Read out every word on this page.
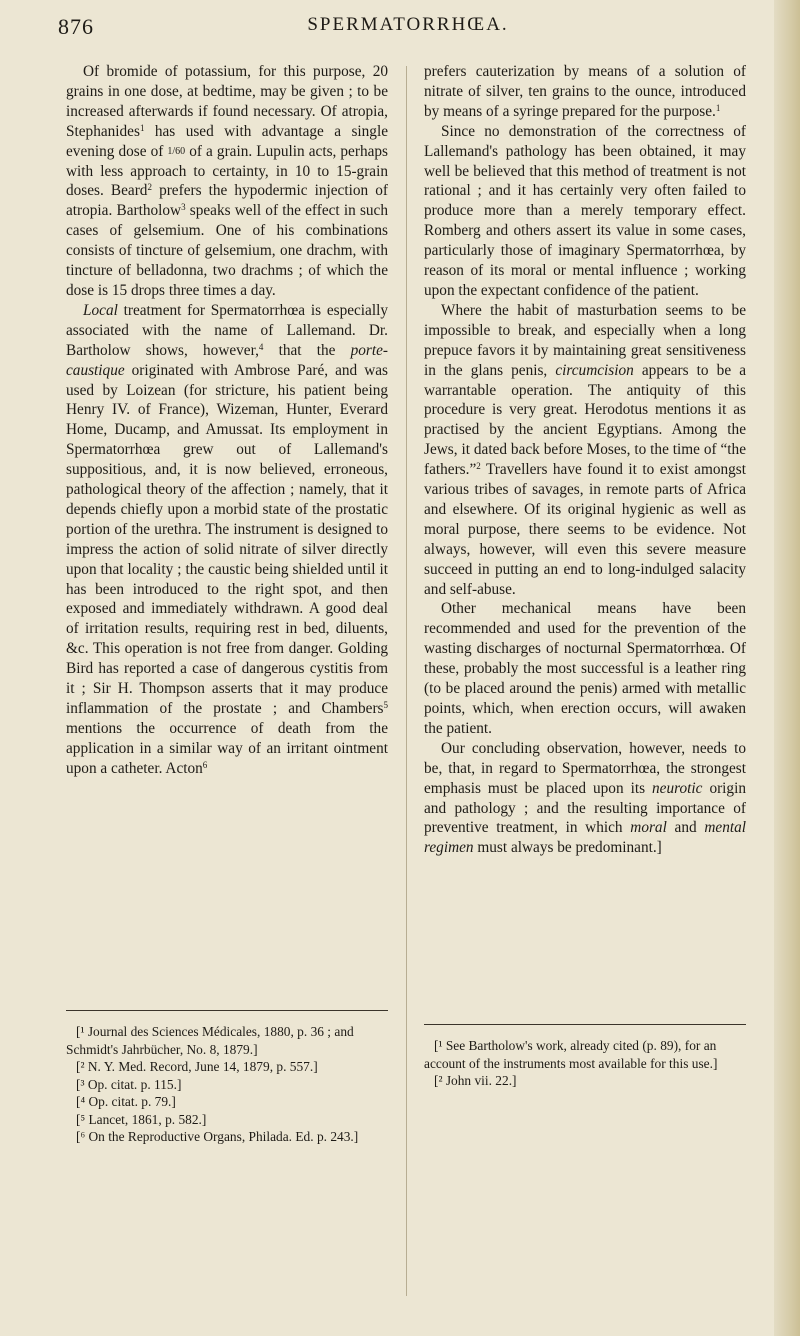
876	SPERMATORRHŒA.

Of bromide of potassium, for this purpose, 20 grains in one dose, at bedtime, may be given ; to be increased afterwards if found necessary. Of atropia, Stephanides$^1$ has used with advantage a single evening dose of 1/60 of a grain. Lupulin acts, perhaps with less approach to certainty, in 10 to 15-grain doses. Beard$^2$ prefers the hypodermic injection of atropia. Bartholow$^3$ speaks well of the effect in such cases of gelsemium. One of his combinations consists of tincture of gelsemium, one drachm, with tincture of belladonna, two drachms ; of which the dose is 15 drops three times a day.

Local treatment for Spermatorrhœa is especially associated with the name of Lallemand. Dr. Bartholow shows, however,$^4$ that the porte-caustique originated with Ambrose Paré, and was used by Loizean (for stricture, his patient being Henry IV. of France), Wizeman, Hunter, Everard Home, Ducamp, and Amussat. Its employment in Spermatorrhœa grew out of Lallemand's suppositious, and, it is now believed, erroneous, pathological theory of the affection ; namely, that it depends chiefly upon a morbid state of the prostatic portion of the urethra. The instrument is designed to impress the action of solid nitrate of silver directly upon that locality ; the caustic being shielded until it has been introduced to the right spot, and then exposed and immediately withdrawn. A good deal of irritation results, requiring rest in bed, diluents, &c. This operation is not free from danger. Golding Bird has reported a case of dangerous cystitis from it ; Sir H. Thompson asserts that it may produce inflammation of the prostate ; and Chambers$^5$ mentions the occurrence of death from the application in a similar way of an irritant ointment upon a catheter. Acton$^6$

[¹ Journal des Sciences Médicales, 1880, p. 36 ; and Schmidt's Jahrbücher, No. 8, 1879.]

[² N. Y. Med. Record, June 14, 1879, p. 557.]

[³ Op. citat. p. 115.]

[⁴ Op. citat. p. 79.]

[⁵ Lancet, 1861, p. 582.]

[⁶ On the Reproductive Organs, Philada. Ed. p. 243.]

prefers cauterization by means of a solution of nitrate of silver, ten grains to the ounce, introduced by means of a syringe prepared for the purpose.$^1$

Since no demonstration of the correctness of Lallemand's pathology has been obtained, it may well be believed that this method of treatment is not rational ; and it has certainly very often failed to produce more than a merely temporary effect. Romberg and others assert its value in some cases, particularly those of imaginary Spermatorrhœa, by reason of its moral or mental influence ; working upon the expectant confidence of the patient.

Where the habit of masturbation seems to be impossible to break, and especially when a long prepuce favors it by maintaining great sensitiveness in the glans penis, circumcision appears to be a warrantable operation. The antiquity of this procedure is very great. Herodotus mentions it as practised by the ancient Egyptians. Among the Jews, it dated back before Moses, to the time of “the fathers.”$^2$ Travellers have found it to exist amongst various tribes of savages, in remote parts of Africa and elsewhere. Of its original hygienic as well as moral purpose, there seems to be evidence. Not always, however, will even this severe measure succeed in putting an end to long-indulged salacity and self-abuse.

Other mechanical means have been recommended and used for the prevention of the wasting discharges of nocturnal Spermatorrhœa. Of these, probably the most successful is a leather ring (to be placed around the penis) armed with metallic points, which, when erection occurs, will awaken the patient.

Our concluding observation, however, needs to be, that, in regard to Spermatorrhœa, the strongest emphasis must be placed upon its neurotic origin and pathology ; and the resulting importance of preventive treatment, in which moral and mental regimen must always be predominant.]

[¹ See Bartholow's work, already cited (p. 89), for an account of the instruments most available for this use.]

[² John vii. 22.]
